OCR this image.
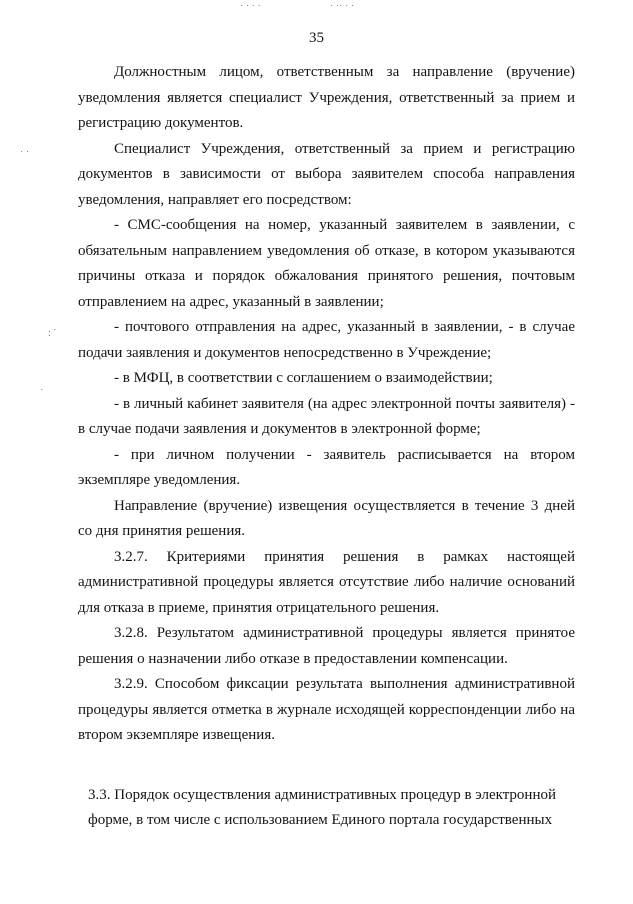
35

Должностным лицом, ответственным за направление (вручение) уведомления является специалист Учреждения, ответственный за прием и регистрацию документов.

Специалист Учреждения, ответственный за прием и регистрацию документов в зависимости от выбора заявителем способа направления уведомления, направляет его посредством:

- СМС-сообщения на номер, указанный заявителем в заявлении, с обязательным направлением уведомления об отказе, в котором указываются причины отказа и порядок обжалования принятого решения, почтовым отправлением на адрес, указанный в заявлении;

- почтового отправления на адрес, указанный в заявлении, - в случае подачи заявления и документов непосредственно в Учреждение;

- в МФЦ, в соответствии с соглашением о взаимодействии;

- в личный кабинет заявителя (на адрес электронной почты заявителя) - в случае подачи заявления и документов в электронной форме;

- при личном получении - заявитель расписывается на втором экземпляре уведомления.

Направление (вручение) извещения осуществляется в течение 3 дней со дня принятия решения.

3.2.7. Критериями принятия решения в рамках настоящей административной процедуры является отсутствие либо наличие оснований для отказа в приеме, принятия отрицательного решения.

3.2.8. Результатом административной процедуры является принятое решения о назначении либо отказе в предоставлении компенсации.

3.2.9. Способом фиксации результата выполнения административной процедуры является отметка в журнале исходящей корреспонденции либо на втором экземпляре извещения.

3.3. Порядок осуществления административных процедур в электронной
форме, в том числе с использованием Единого портала государственных

˙ ˙ ˙ ˙	˙ ˙˙ ˙ ˙
˙ ˙
: ˙
˙
